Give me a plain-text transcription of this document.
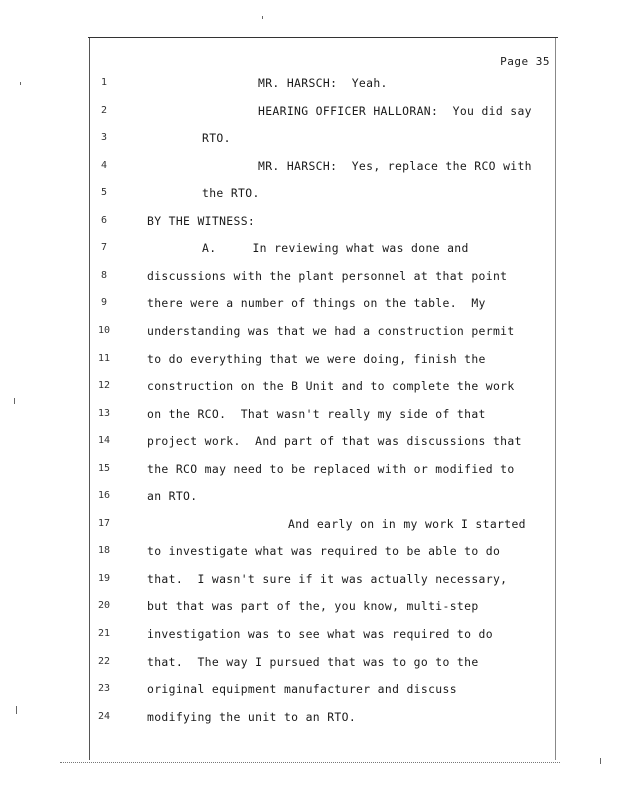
Page 35
1	MR. HARSCH:  Yeah.
2	HEARING OFFICER HALLORAN:  You did say
3	RTO.
4	MR. HARSCH:  Yes, replace the RCO with
5	the RTO.
6	BY THE WITNESS:
7	A.     In reviewing what was done and
8	discussions with the plant personnel at that point
9	there were a number of things on the table.  My
10	understanding was that we had a construction permit
11	to do everything that we were doing, finish the
12	construction on the B Unit and to complete the work
13	on the RCO.  That wasn't really my side of that
14	project work.  And part of that was discussions that
15	the RCO may need to be replaced with or modified to
16	an RTO.
17	And early on in my work I started
18	to investigate what was required to be able to do
19	that.  I wasn't sure if it was actually necessary,
20	but that was part of the, you know, multi-step
21	investigation was to see what was required to do
22	that.  The way I pursued that was to go to the
23	original equipment manufacturer and discuss
24	modifying the unit to an RTO.
